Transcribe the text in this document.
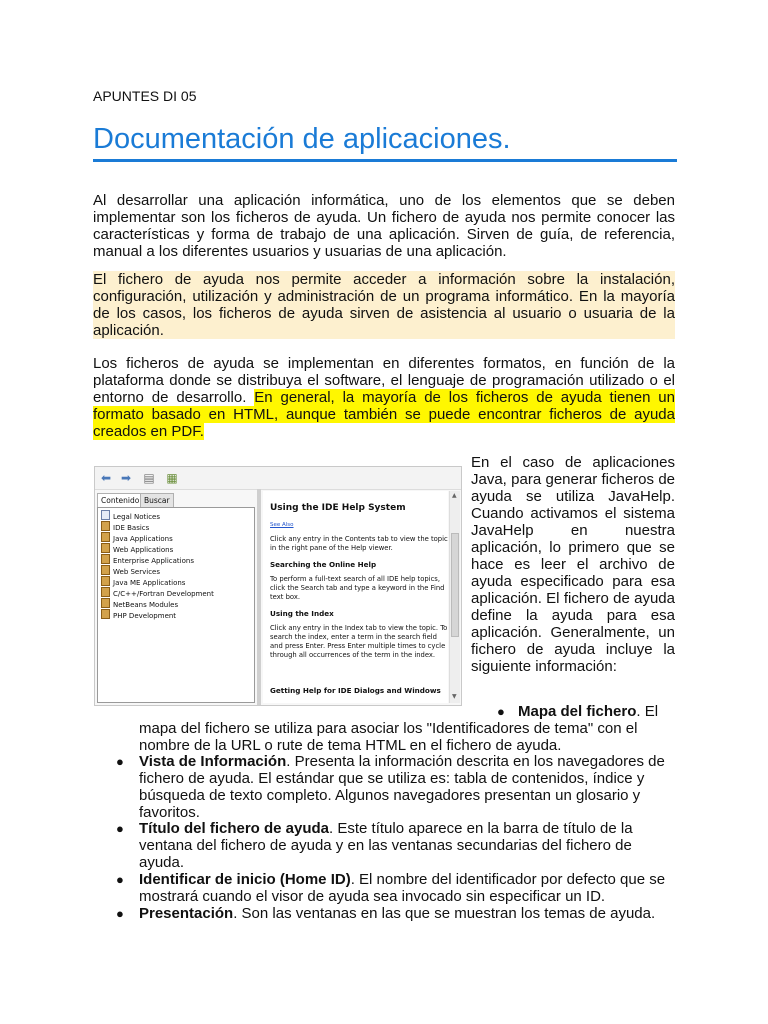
APUNTES DI 05
Documentación de aplicaciones.

Al desarrollar una aplicación informática, uno de los elementos que se deben implementar son los ficheros de ayuda. Un fichero de ayuda nos permite conocer las características y forma de trabajo de una aplicación. Sirven de guía, de referencia, manual a los diferentes usuarios y usuarias de una aplicación.

El fichero de ayuda nos permite acceder a información sobre la instalación, configuración, utilización y administración de un programa informático. En la mayoría de los casos, los ficheros de ayuda sirven de asistencia al usuario o usuaria de la aplicación.

Los ficheros de ayuda se implementan en diferentes formatos, en función de la plataforma donde se distribuya el software, el lenguaje de programación utilizado o el entorno de desarrollo. En general, la mayoría de los ficheros de ayuda tienen un formato basado en HTML, aunque también se puede encontrar ficheros de ayuda creados en PDF.

⬅ ➡ ▤ ▦
Contenido Buscar
Legal Notices
IDE Basics
Java Applications
Web Applications
Enterprise Applications
Web Services
Java ME Applications
C/C++/Fortran Development
NetBeans Modules
PHP Development

Using the IDE Help System

See Also

Click any entry in the Contents tab to view the topic in the right pane of the Help viewer.

Searching the Online Help

To perform a full-text search of all IDE help topics, click the Search tab and type a keyword in the Find text box.

Using the Index

Click any entry in the Index tab to view the topic. To search the index, enter a term in the search field and press Enter. Press Enter multiple times to cycle through all occurrences of the term in the index.

Getting Help for IDE Dialogs and Windows

▲
▼

En el caso de aplicaciones Java, para generar ficheros de ayuda se utiliza JavaHelp. Cuando activamos el sistema JavaHelp en nuestra aplicación, lo primero que se hace es leer el archivo de ayuda especificado para esa aplicación. El fichero de ayuda define la ayuda para esa aplicación. Generalmente, un fichero de ayuda incluye la siguiente información:

● Mapa del fichero. El

mapa del fichero se utiliza para asociar los "Identificadores de tema" con el nombre de la URL o rute de tema HTML en el fichero de ayuda.

● Vista de Información. Presenta la información descrita en los navegadores de fichero de ayuda. El estándar que se utiliza es: tabla de contenidos, índice y búsqueda de texto completo. Algunos navegadores presentan un glosario y favoritos.

● Título del fichero de ayuda. Este título aparece en la barra de título de la ventana del fichero de ayuda y en las ventanas secundarias del fichero de ayuda.

● Identificar de inicio (Home ID). El nombre del identificador por defecto que se mostrará cuando el visor de ayuda sea invocado sin especificar un ID.

● Presentación. Son las ventanas en las que se muestran los temas de ayuda.
